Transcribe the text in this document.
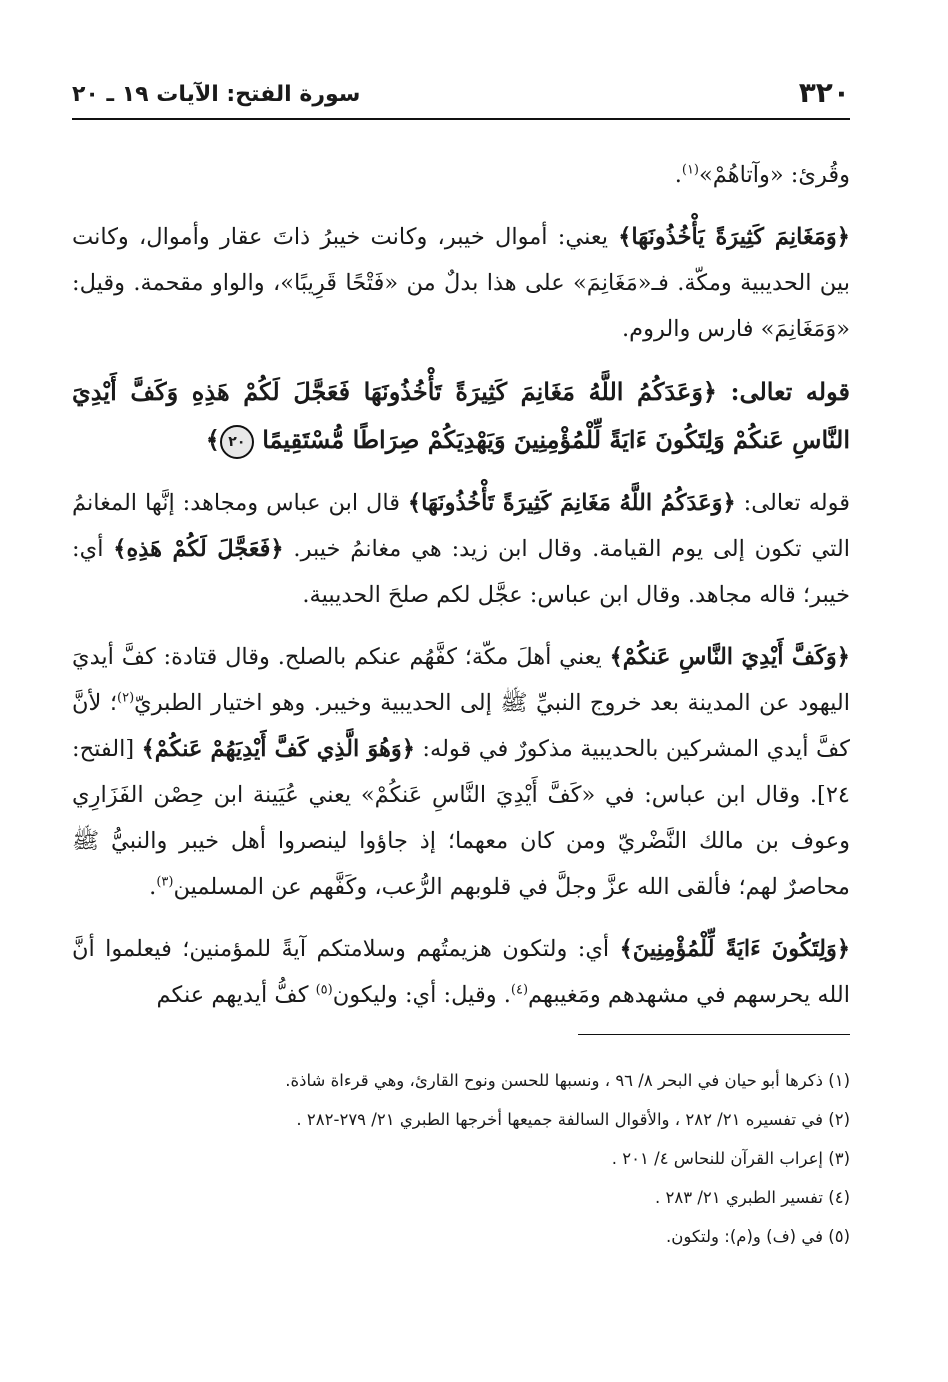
٣٢٠
سورة الفتح: الآيات ١٩ ـ ٢٠

وقُرئ: «وآتاهُمْ»$^{(١)}$.

﴿وَمَغَانِمَ كَثِيرَةً يَأْخُذُونَهَا﴾ يعني: أموال خيبر، وكانت خيبرُ ذاتَ عقار وأموال، وكانت بين الحديبية ومكّة. فـ«مَغَانِمَ» على هذا بدلٌ من «فَتْحًا قَرِيبًا»، والواو مقحمة. وقيل: «وَمَغَانِمَ» فارس والروم.

قوله تعالى: ﴿وَعَدَكُمُ اللَّهُ مَغَانِمَ كَثِيرَةً تَأْخُذُونَهَا فَعَجَّلَ لَكُمْ هَذِهِ وَكَفَّ أَيْدِيَ النَّاسِ عَنكُمْ وَلِتَكُونَ ءَايَةً لِّلْمُؤْمِنِينَ وَيَهْدِيَكُمْ صِرَاطًا مُّسْتَقِيمًا ٢٠﴾

قوله تعالى: ﴿وَعَدَكُمُ اللَّهُ مَغَانِمَ كَثِيرَةً تَأْخُذُونَهَا﴾ قال ابن عباس ومجاهد: إنَّها المغانمُ التي تكون إلى يوم القيامة. وقال ابن زيد: هي مغانمُ خيبر. ﴿فَعَجَّلَ لَكُمْ هَذِهِ﴾ أي: خيبر؛ قاله مجاهد. وقال ابن عباس: عجَّل لكم صلحَ الحديبية.

﴿وَكَفَّ أَيْدِيَ النَّاسِ عَنكُمْ﴾ يعني أهلَ مكّة؛ كفَّهُم عنكم بالصلح. وقال قتادة: كفَّ أيديَ اليهود عن المدينة بعد خروج النبيِّ ﷺ إلى الحديبية وخيبر. وهو اختيار الطبريّ$^{(٢)}$؛ لأنَّ كفَّ أيدي المشركين بالحديبية مذكورٌ في قوله: ﴿وَهُوَ الَّذِي كَفَّ أَيْدِيَهُمْ عَنكُمْ﴾ [الفتح: ٢٤]. وقال ابن عباس: في «كَفَّ أَيْدِيَ النَّاسِ عَنكُمْ» يعني عُيَينة ابن حِصْن الفَزَارِي وعوف بن مالك النَّضْريّ ومن كان معهما؛ إذ جاؤوا لينصروا أهل خيبر والنبيُّ ﷺ محاصرٌ لهم؛ فألقى الله عزَّ وجلَّ في قلوبهم الرُّعب، وكَفَّهم عن المسلمين$^{(٣)}$.

﴿وَلِتَكُونَ ءَايَةً لِّلْمُؤْمِنِينَ﴾ أي: ولتكون هزيمتُهم وسلامتكم آيةً للمؤمنين؛ فيعلموا أنَّ الله يحرسهم في مشهدهم ومَغيبهم$^{(٤)}$. وقيل: أي: وليكون$^{(٥)}$ كفُّ أيديهم عنكم

(١) ذكرها أبو حيان في البحر ٨/ ٩٦ ، ونسبها للحسن ونوح القارئ، وهي قرءاة شاذة.

(٢) في تفسيره ٢١/ ٢٨٢ ، والأقوال السالفة جميعها أخرجها الطبري ٢١/ ٢٧٩-٢٨٢ .

(٣) إعراب القرآن للنحاس ٤/ ٢٠١ .

(٤) تفسير الطبري ٢١/ ٢٨٣ .

(٥) في (ف) و(م): ولتكون.
